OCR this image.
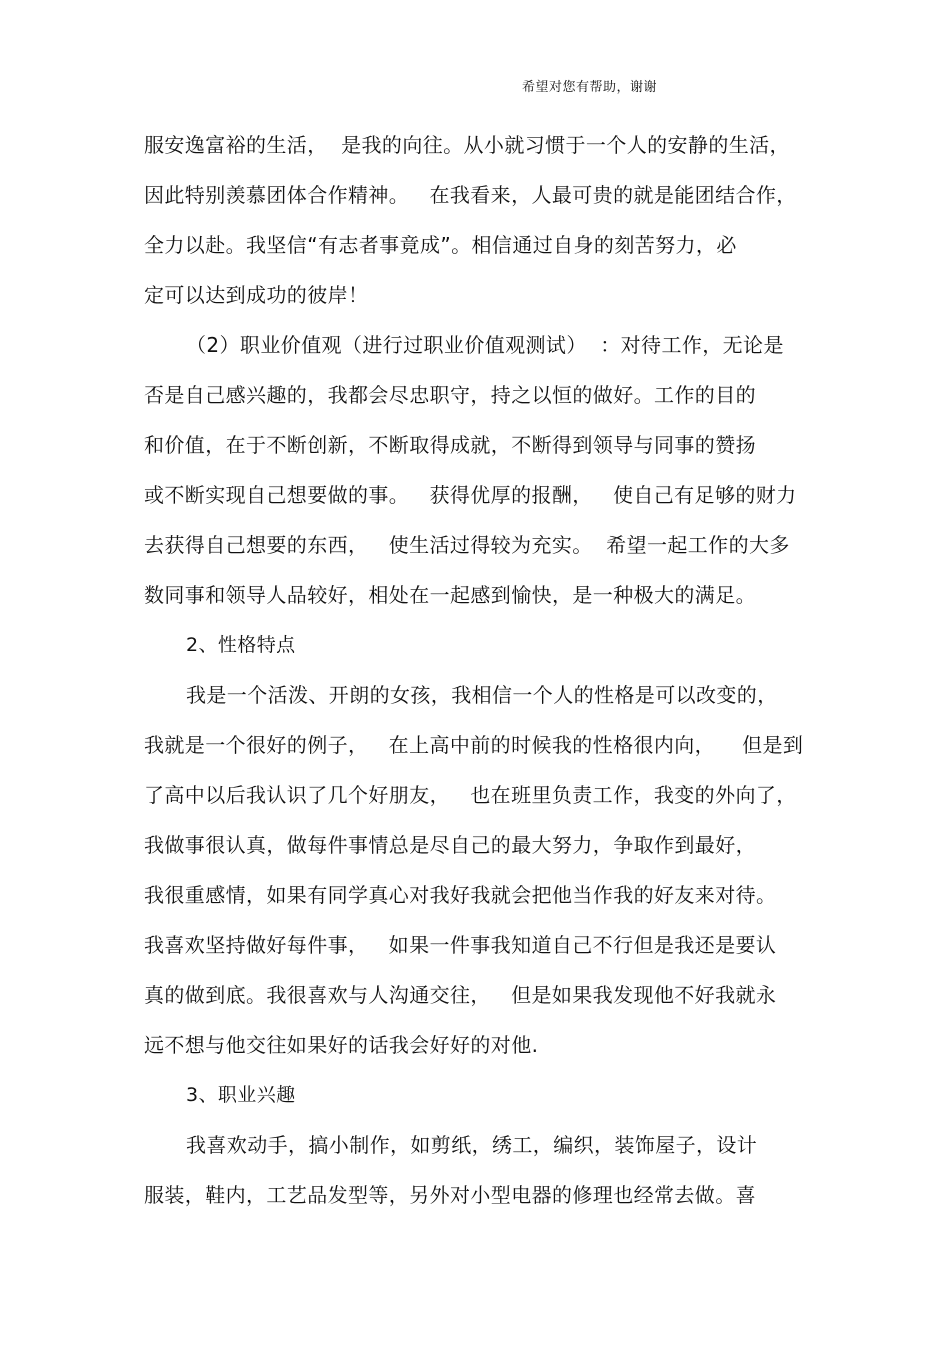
希望对您有帮助，谢谢
服安逸富裕的生活，  是我的向往。从小就习惯于一个人的安静的生活，
因此特别羡慕团体合作精神。   在我看来，人最可贵的就是能团结合作，
全力以赴。我坚信“有志者事竟成”。相信通过自身的刻苦努力，必
定可以达到成功的彼岸！
（2）职业价值观（进行过职业价值观测试）  ：对待工作，无论是
否是自己感兴趣的，我都会尽忠职守，持之以恒的做好。工作的目的
和价值，在于不断创新，不断取得成就，不断得到领导与同事的赞扬
或不断实现自己想要做的事。   获得优厚的报酬，   使自己有足够的财力
去获得自己想要的东西，   使生活过得较为充实。  希望一起工作的大多
数同事和领导人品较好，相处在一起感到愉快，是一种极大的满足。
2、性格特点
我是一个活泼、开朗的女孩，我相信一个人的性格是可以改变的，
我就是一个很好的例子，   在上高中前的时候我的性格很内向，    但是到
了高中以后我认识了几个好朋友，   也在班里负责工作，我变的外向了，
我做事很认真，做每件事情总是尽自己的最大努力，争取作到最好，
我很重感情，如果有同学真心对我好我就会把他当作我的好友来对待。
我喜欢坚持做好每件事，   如果一件事我知道自己不行但是我还是要认
真的做到底。我很喜欢与人沟通交往，   但是如果我发现他不好我就永
远不想与他交往如果好的话我会好好的对他.
3、职业兴趣
我喜欢动手，搞小制作，如剪纸，绣工，编织，装饰屋子，设计
服装，鞋内，工艺品发型等，另外对小型电器的修理也经常去做。喜
